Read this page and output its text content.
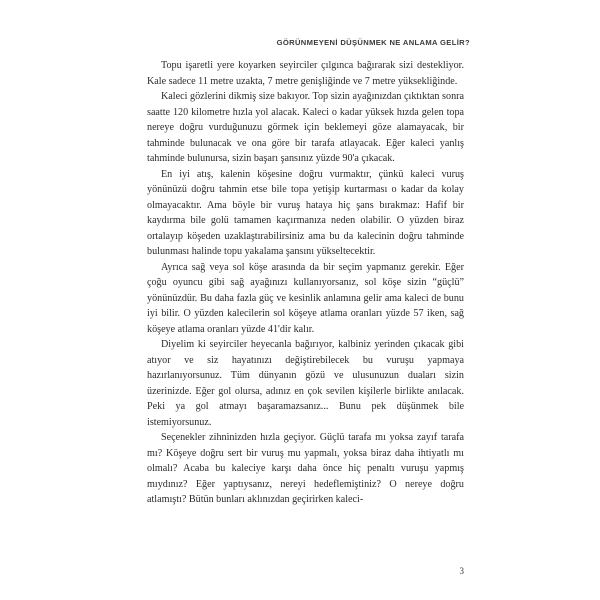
GÖRÜNMEYENİ DÜŞÜNMEK NE ANLAMA GELİR?

Topu işaretli yere koyarken seyirciler çılgınca bağırarak sizi destekliyor. Kale sadece 11 metre uzakta, 7 metre genişliğinde ve 7 metre yüksekliğinde.

Kaleci gözlerini dikmiş size bakıyor. Top sizin ayağınızdan çıktıktan sonra saatte 120 kilometre hızla yol alacak. Kaleci o kadar yüksek hızda gelen topa nereye doğru vurduğunuzu görmek için beklemeyi göze alamayacak, bir tahminde bulunacak ve ona göre bir tarafa atlayacak. Eğer kaleci yanlış tahminde bulunursa, sizin başarı şansınız yüzde 90'a çıkacak.

En iyi atış, kalenin köşesine doğru vurmaktır, çünkü kaleci vuruş yönünüzü doğru tahmin etse bile topa yetişip kurtarması o kadar da kolay olmayacaktır. Ama böyle bir vuruş hataya hiç şans bırakmaz: Hafif bir kaydırma bile golü tamamen kaçırmanıza neden olabilir. O yüzden biraz ortalayıp köşeden uzaklaştırabilirsiniz ama bu da kalecinin doğru tahminde bulunması halinde topu yakalama şansını yükseltecektir.

Ayrıca sağ veya sol köşe arasında da bir seçim yapmanız gerekir. Eğer çoğu oyuncu gibi sağ ayağınızı kullanıyorsanız, sol köşe sizin “güçlü” yönünüzdür. Bu daha fazla güç ve kesinlik anlamına gelir ama kaleci de bunu iyi bilir. O yüzden kalecilerin sol köşeye atlama oranları yüzde 57 iken, sağ köşeye atlama oranları yüzde 41'dir kalır.

Diyelim ki seyirciler heyecanla bağırıyor, kalbiniz yerinden çıkacak gibi atıyor ve siz hayatınızı değiştirebilecek bu vuruşu yapmaya hazırlanıyorsunuz. Tüm dünyanın gözü ve ulusunuzun duaları sizin üzerinizde. Eğer gol olursa, adınız en çok sevilen kişilerle birlikte anılacak. Peki ya gol atmayı başaramazsanız... Bunu pek düşünmek bile istemiyorsunuz.

Seçenekler zihninizden hızla geçiyor. Güçlü tarafa mı yoksa zayıf tarafa mı? Köşeye doğru sert bir vuruş mu yapmalı, yoksa biraz daha ihtiyatlı mı olmalı? Acaba bu kaleciye karşı daha önce hiç penaltı vuruşu yapmış mıydınız? Eğer yaptıysanız, nereyi hedeflemiştiniz? O nereye doğru atlamıştı? Bütün bunları aklınızdan geçirirken kaleci-

3
